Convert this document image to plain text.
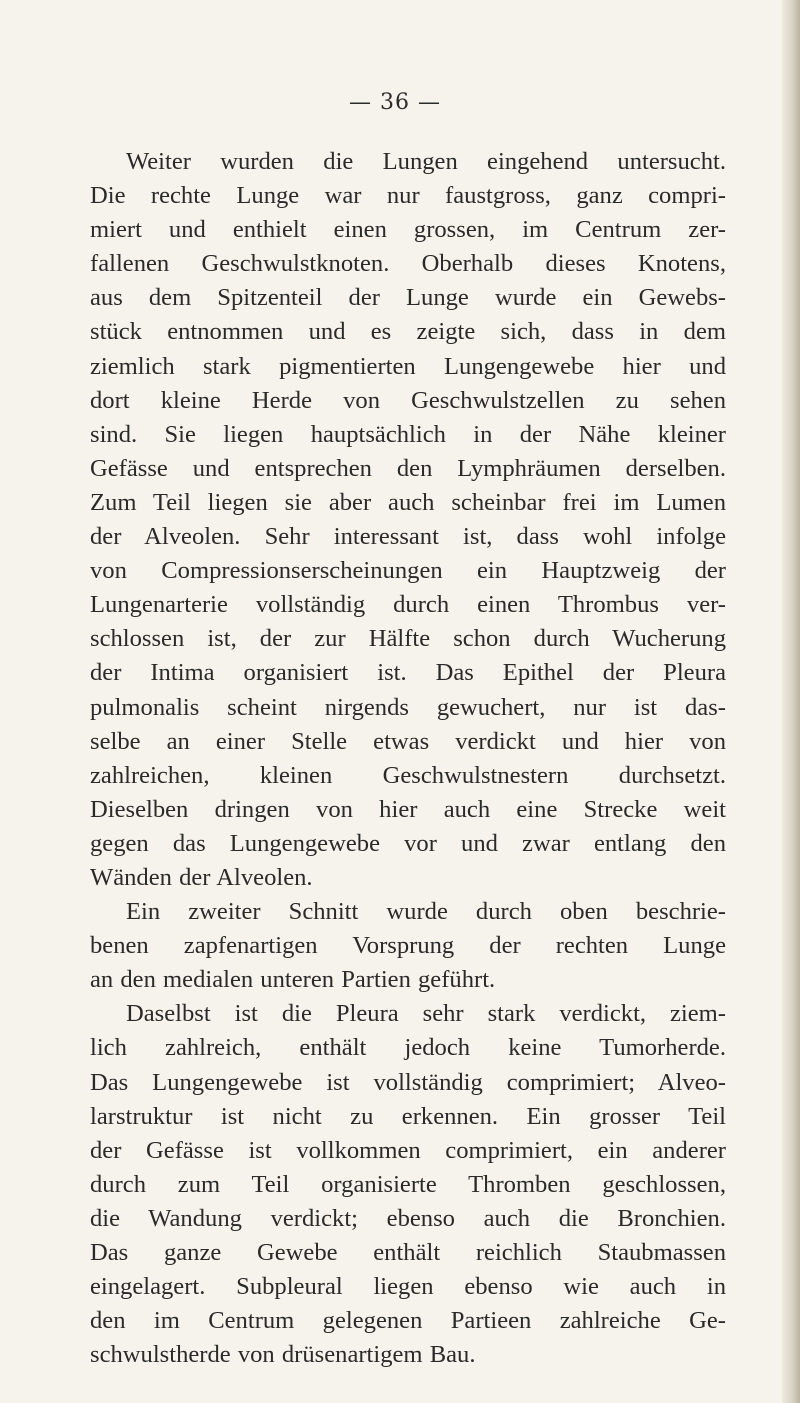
— 36 —
Weiter wurden die Lungen eingehend untersucht.
Die rechte Lunge war nur faustgross, ganz compri-
miert und enthielt einen grossen, im Centrum zer-
fallenen Geschwulstknoten. Oberhalb dieses Knotens,
aus dem Spitzenteil der Lunge wurde ein Gewebs-
stück entnommen und es zeigte sich, dass in dem
ziemlich stark pigmentierten Lungengewebe hier und
dort kleine Herde von Geschwulstzellen zu sehen
sind. Sie liegen hauptsächlich in der Nähe kleiner
Gefässe und entsprechen den Lymphräumen derselben.
Zum Teil liegen sie aber auch scheinbar frei im Lumen
der Alveolen. Sehr interessant ist, dass wohl infolge
von Compressionserscheinungen ein Hauptzweig der
Lungenarterie vollständig durch einen Thrombus ver-
schlossen ist, der zur Hälfte schon durch Wucherung
der Intima organisiert ist. Das Epithel der Pleura
pulmonalis scheint nirgends gewuchert, nur ist das-
selbe an einer Stelle etwas verdickt und hier von
zahlreichen, kleinen Geschwulstnestern durchsetzt.
Dieselben dringen von hier auch eine Strecke weit
gegen das Lungengewebe vor und zwar entlang den
Wänden der Alveolen.
Ein zweiter Schnitt wurde durch oben beschrie-
benen zapfenartigen Vorsprung der rechten Lunge
an den medialen unteren Partien geführt.
Daselbst ist die Pleura sehr stark verdickt, ziem-
lich zahlreich, enthält jedoch keine Tumorherde.
Das Lungengewebe ist vollständig comprimiert; Alveo-
larstruktur ist nicht zu erkennen. Ein grosser Teil
der Gefässe ist vollkommen comprimiert, ein anderer
durch zum Teil organisierte Thromben geschlossen,
die Wandung verdickt; ebenso auch die Bronchien.
Das ganze Gewebe enthält reichlich Staubmassen
eingelagert. Subpleural liegen ebenso wie auch in
den im Centrum gelegenen Partieen zahlreiche Ge-
schwulstherde von drüsenartigem Bau.
